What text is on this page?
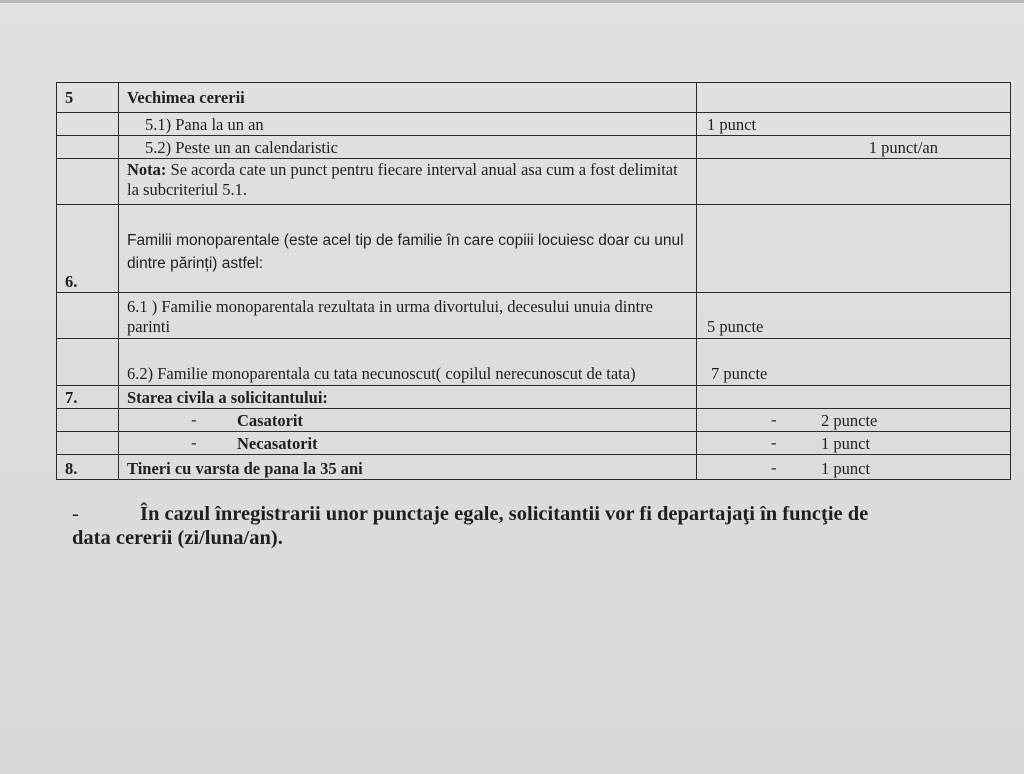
5	Vechimea cererii	
	5.1) Pana la un an	1 punct
	5.2) Peste un an calendaristic	1 punct/an
	Nota: Se acorda cate un punct pentru fiecare interval anual asa cum a fost delimitat la subcriteriul 5.1.	
6.	Familii monoparentale (este acel tip de familie în care copiii locuiesc doar cu unul dintre părinți) astfel:	
	6.1 ) Familie monoparentala rezultata in urma divortului, decesului unuia dintre parinti	5 puncte
	6.2) Familie monoparentala cu tata necunoscut( copilul nerecunoscut de tata)	7 puncte
7.	Starea civila a solicitantului:	

	- Casatorit	- 2 puncte

	- Necasatorit	- 1 punct

8.	Tineri cu varsta de pana la 35 ani	- 1 punct
-	În cazul înregistrarii unor punctaje egale, solicitantii vor fi departajaţi în funcţie de
data cererii (zi/luna/an).
